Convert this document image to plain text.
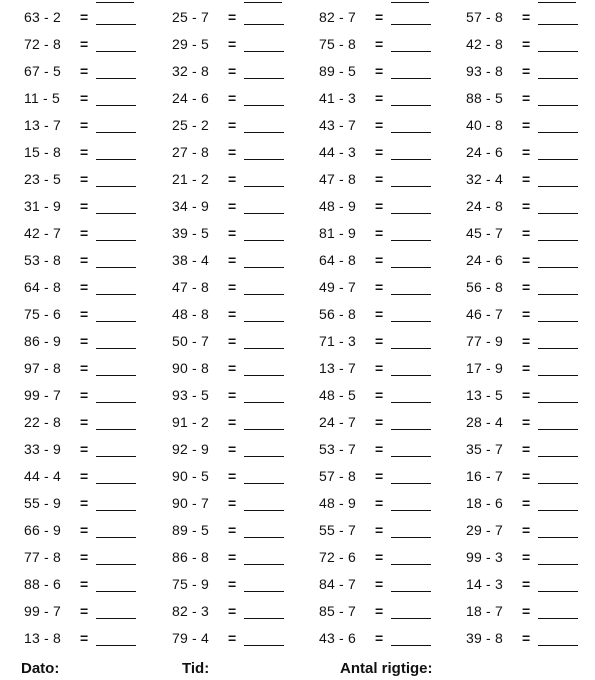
63 - 2 =	25 - 7 =	82 - 7 =	57 - 8 =
72 - 8 =	29 - 5 =	75 - 8 =	42 - 8 =
67 - 5 =	32 - 8 =	89 - 5 =	93 - 8 =
11 - 5 =	24 - 6 =	41 - 3 =	88 - 5 =
13 - 7 =	25 - 2 =	43 - 7 =	40 - 8 =
15 - 8 =	27 - 8 =	44 - 3 =	24 - 6 =
23 - 5 =	21 - 2 =	47 - 8 =	32 - 4 =
31 - 9 =	34 - 9 =	48 - 9 =	24 - 8 =
42 - 7 =	39 - 5 =	81 - 9 =	45 - 7 =
53 - 8 =	38 - 4 =	64 - 8 =	24 - 6 =
64 - 8 =	47 - 8 =	49 - 7 =	56 - 8 =
75 - 6 =	48 - 8 =	56 - 8 =	46 - 7 =
86 - 9 =	50 - 7 =	71 - 3 =	77 - 9 =
97 - 8 =	90 - 8 =	13 - 7 =	17 - 9 =
99 - 7 =	93 - 5 =	48 - 5 =	13 - 5 =
22 - 8 =	91 - 2 =	24 - 7 =	28 - 4 =
33 - 9 =	92 - 9 =	53 - 7 =	35 - 7 =
44 - 4 =	90 - 5 =	57 - 8 =	16 - 7 =
55 - 9 =	90 - 7 =	48 - 9 =	18 - 6 =
66 - 9 =	89 - 5 =	55 - 7 =	29 - 7 =
77 - 8 =	86 - 8 =	72 - 6 =	99 - 3 =
88 - 6 =	75 - 9 =	84 - 7 =	14 - 3 =
99 - 7 =	82 - 3 =	85 - 7 =	18 - 7 =
13 - 8 =	79 - 4 =	43 - 6 =	39 - 8 =
Dato:	Tid:	Antal rigtige:
